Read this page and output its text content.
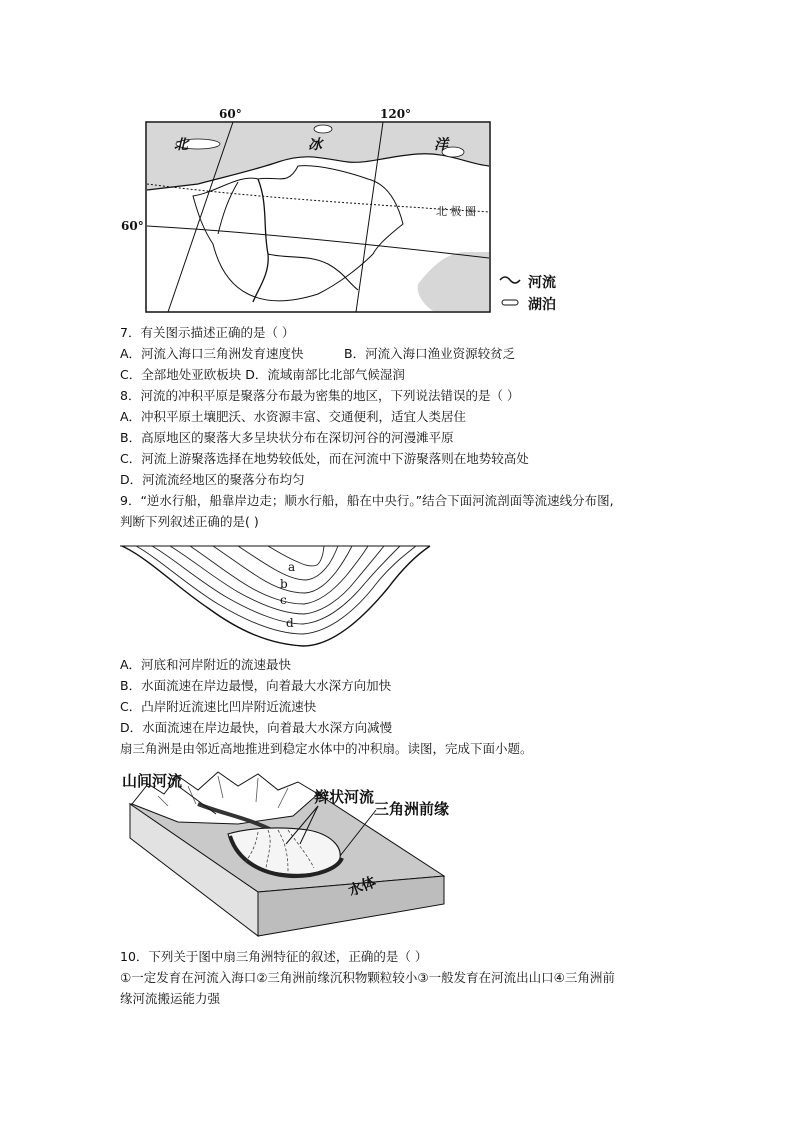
60°	120°
60°
北	冰	洋
北 极 圈
河流
湖泊
7．有关图示描述正确的是（ ）
A．河流入海口三角洲发育速度快	B．河流入海口渔业资源较贫乏
C．全部地处亚欧板块 D．流域南部比北部气候湿润
8．河流的冲积平原是聚落分布最为密集的地区，下列说法错误的是（ ）
A．冲积平原土壤肥沃、水资源丰富、交通便利，适宜人类居住
B．高原地区的聚落大多呈块状分布在深切河谷的河漫滩平原
C．河流上游聚落选择在地势较低处，而在河流中下游聚落则在地势较高处
D．河流流经地区的聚落分布均匀
9．“逆水行船，船靠岸边走；顺水行船，船在中央行。”结合下面河流剖面等流速线分布图,
判断下列叙述正确的是( )
a
b
c
d
A．河底和河岸附近的流速最快
B．水面流速在岸边最慢，向着最大水深方向加快
C．凸岸附近流速比凹岸附近流速快
D．水面流速在岸边最快，向着最大水深方向减慢
扇三角洲是由邻近高地推进到稳定水体中的冲积扇。读图，完成下面小题。
山间河流
辫状河流
三角洲前缘
水体
10．下列关于图中扇三角洲特征的叙述，正确的是（ ）
①一定发育在河流入海口②三角洲前缘沉积物颗粒较小③一般发育在河流出山口④三角洲前
缘河流搬运能力强
